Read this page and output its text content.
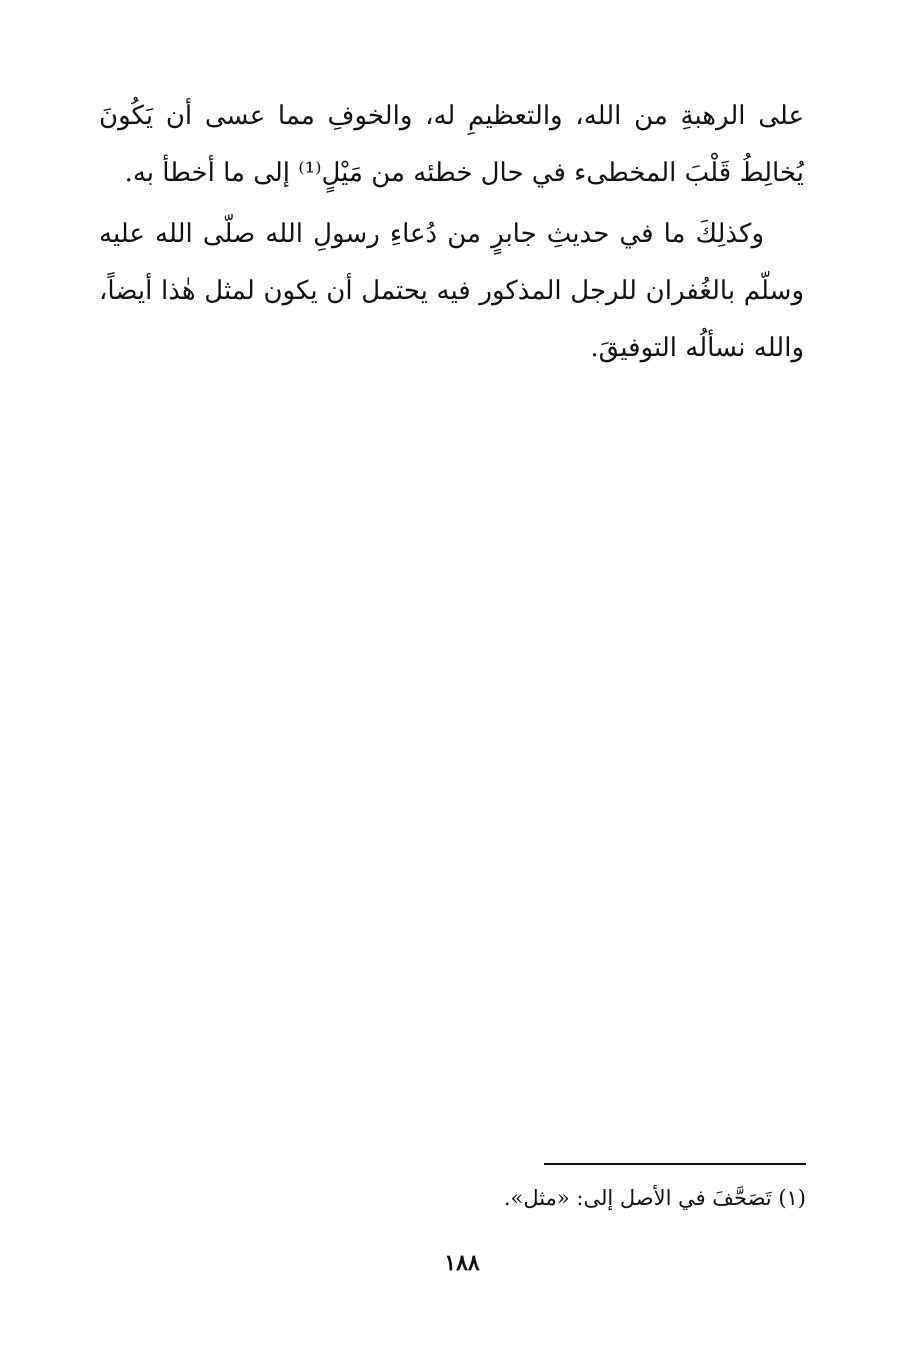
على الرهبةِ من الله، والتعظيمِ له، والخوفِ مما عسى أن يَكُونَ يُخالِطُ قَلْبَ المخطىء في حال خطئه من مَيْلٍ⁽¹⁾ إلى ما أخطأ به.

وكذلِكَ ما في حديثِ جابرٍ من دُعاءِ رسولِ الله صلّى الله عليه وسلّم بالغُفران للرجل المذكور فيه يحتمل أن يكون لمثل هٰذا أيضاً، والله نسألُه التوفيقَ.

(١) تَصَحَّفَ في الأصل إلى: «مثل».

١٨٨
